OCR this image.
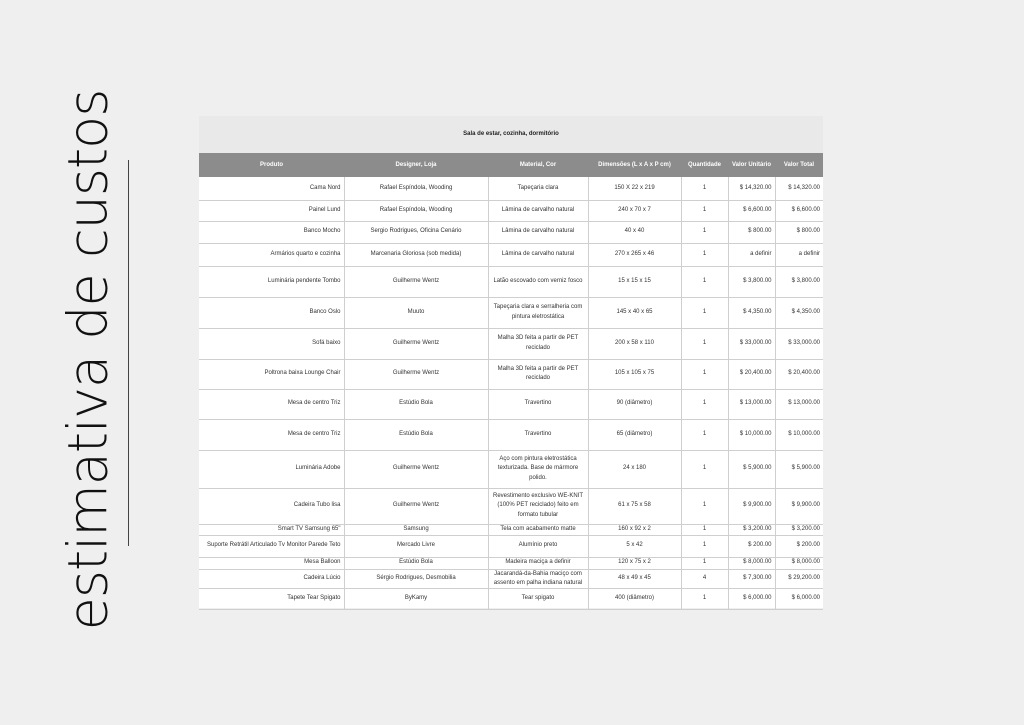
estimativa de custos	Sala de estar, cozinha, dormitório
Produto	Designer, Loja	Material, Cor	Dimensões (L x A x P cm)	Quantidade	Valor Unitário	Valor Total
Cama Nord	Rafael Espíndola, Wooding	Tapeçaria clara	150 X 22 x 219	1	$ 14,320.00	$ 14,320.00
Painel Lund	Rafael Espíndola, Wooding	Lâmina de carvalho natural	240 x 70 x 7	1	$ 6,600.00	$ 6,600.00
Banco Mocho	Sergio Rodrigues, Oficina Cenário	Lâmina de carvalho natural	40 x 40	1	$ 800.00	$ 800.00
Armários quarto e cozinha	Marcenaria Gloriosa (sob medida)	Lâmina de carvalho natural	270 x 265 x 46	1	a definir	a definir
Luminária pendente Tombo	Guilherme Wentz	Latão escovado com verniz fosco	15 x 15 x 15	1	$ 3,800.00	$ 3,800.00
Banco Oslo	Muuto	Tapeçaria clara e serralheria com pintura eletrostática	145 x 40 x 65	1	$ 4,350.00	$ 4,350.00
Sofá baixo	Guilherme Wentz	Malha 3D feita a partir de PET reciclado	200 x 58 x 110	1	$ 33,000.00	$ 33,000.00
Poltrona baixa Lounge Chair	Guilherme Wentz	Malha 3D feita a partir de PET reciclado	105 x 105 x 75	1	$ 20,400.00	$ 20,400.00
Mesa de centro Triz	Estúdio Bola	Travertino	90 (diâmetro)	1	$ 13,000.00	$ 13,000.00
Mesa de centro Triz	Estúdio Bola	Travertino	65 (diâmetro)	1	$ 10,000.00	$ 10,000.00
Luminária Adobe	Guilherme Wentz	Aço com pintura eletrostática texturizada. Base de mármore polido.	24 x 180	1	$ 5,900.00	$ 5,900.00
Cadeira Tubo lisa	Guilherme Wentz	Revestimento exclusivo WE-KNIT (100% PET reciclado) feito em formato tubular	61 x 75 x 58	1	$ 9,900.00	$ 9,900.00
Smart TV Samsung 65"	Samsung	Tela com acabamento matte	160 x 92 x 2	1	$ 3,200.00	$ 3,200.00
Suporte Retrátil Articulado Tv Monitor Parede Teto	Mercado Livre	Alumínio preto	5 x 42	1	$ 200.00	$ 200.00
Mesa Balloon	Estúdio Bola	Madeira maciça a definir	120 x 75 x 2	1	$ 8,000.00	$ 8,000.00
Cadeira Lúcio	Sérgio Rodrigues, Desmobilia	Jacarandá-da-Bahia maciço com assento em palha indiana natural	48 x 49 x 45	4	$ 7,300.00	$ 29,200.00
Tapete Tear Spigato	ByKamy	Tear spigato	400 (diâmetro)	1	$ 6,000.00	$ 6,000.00
